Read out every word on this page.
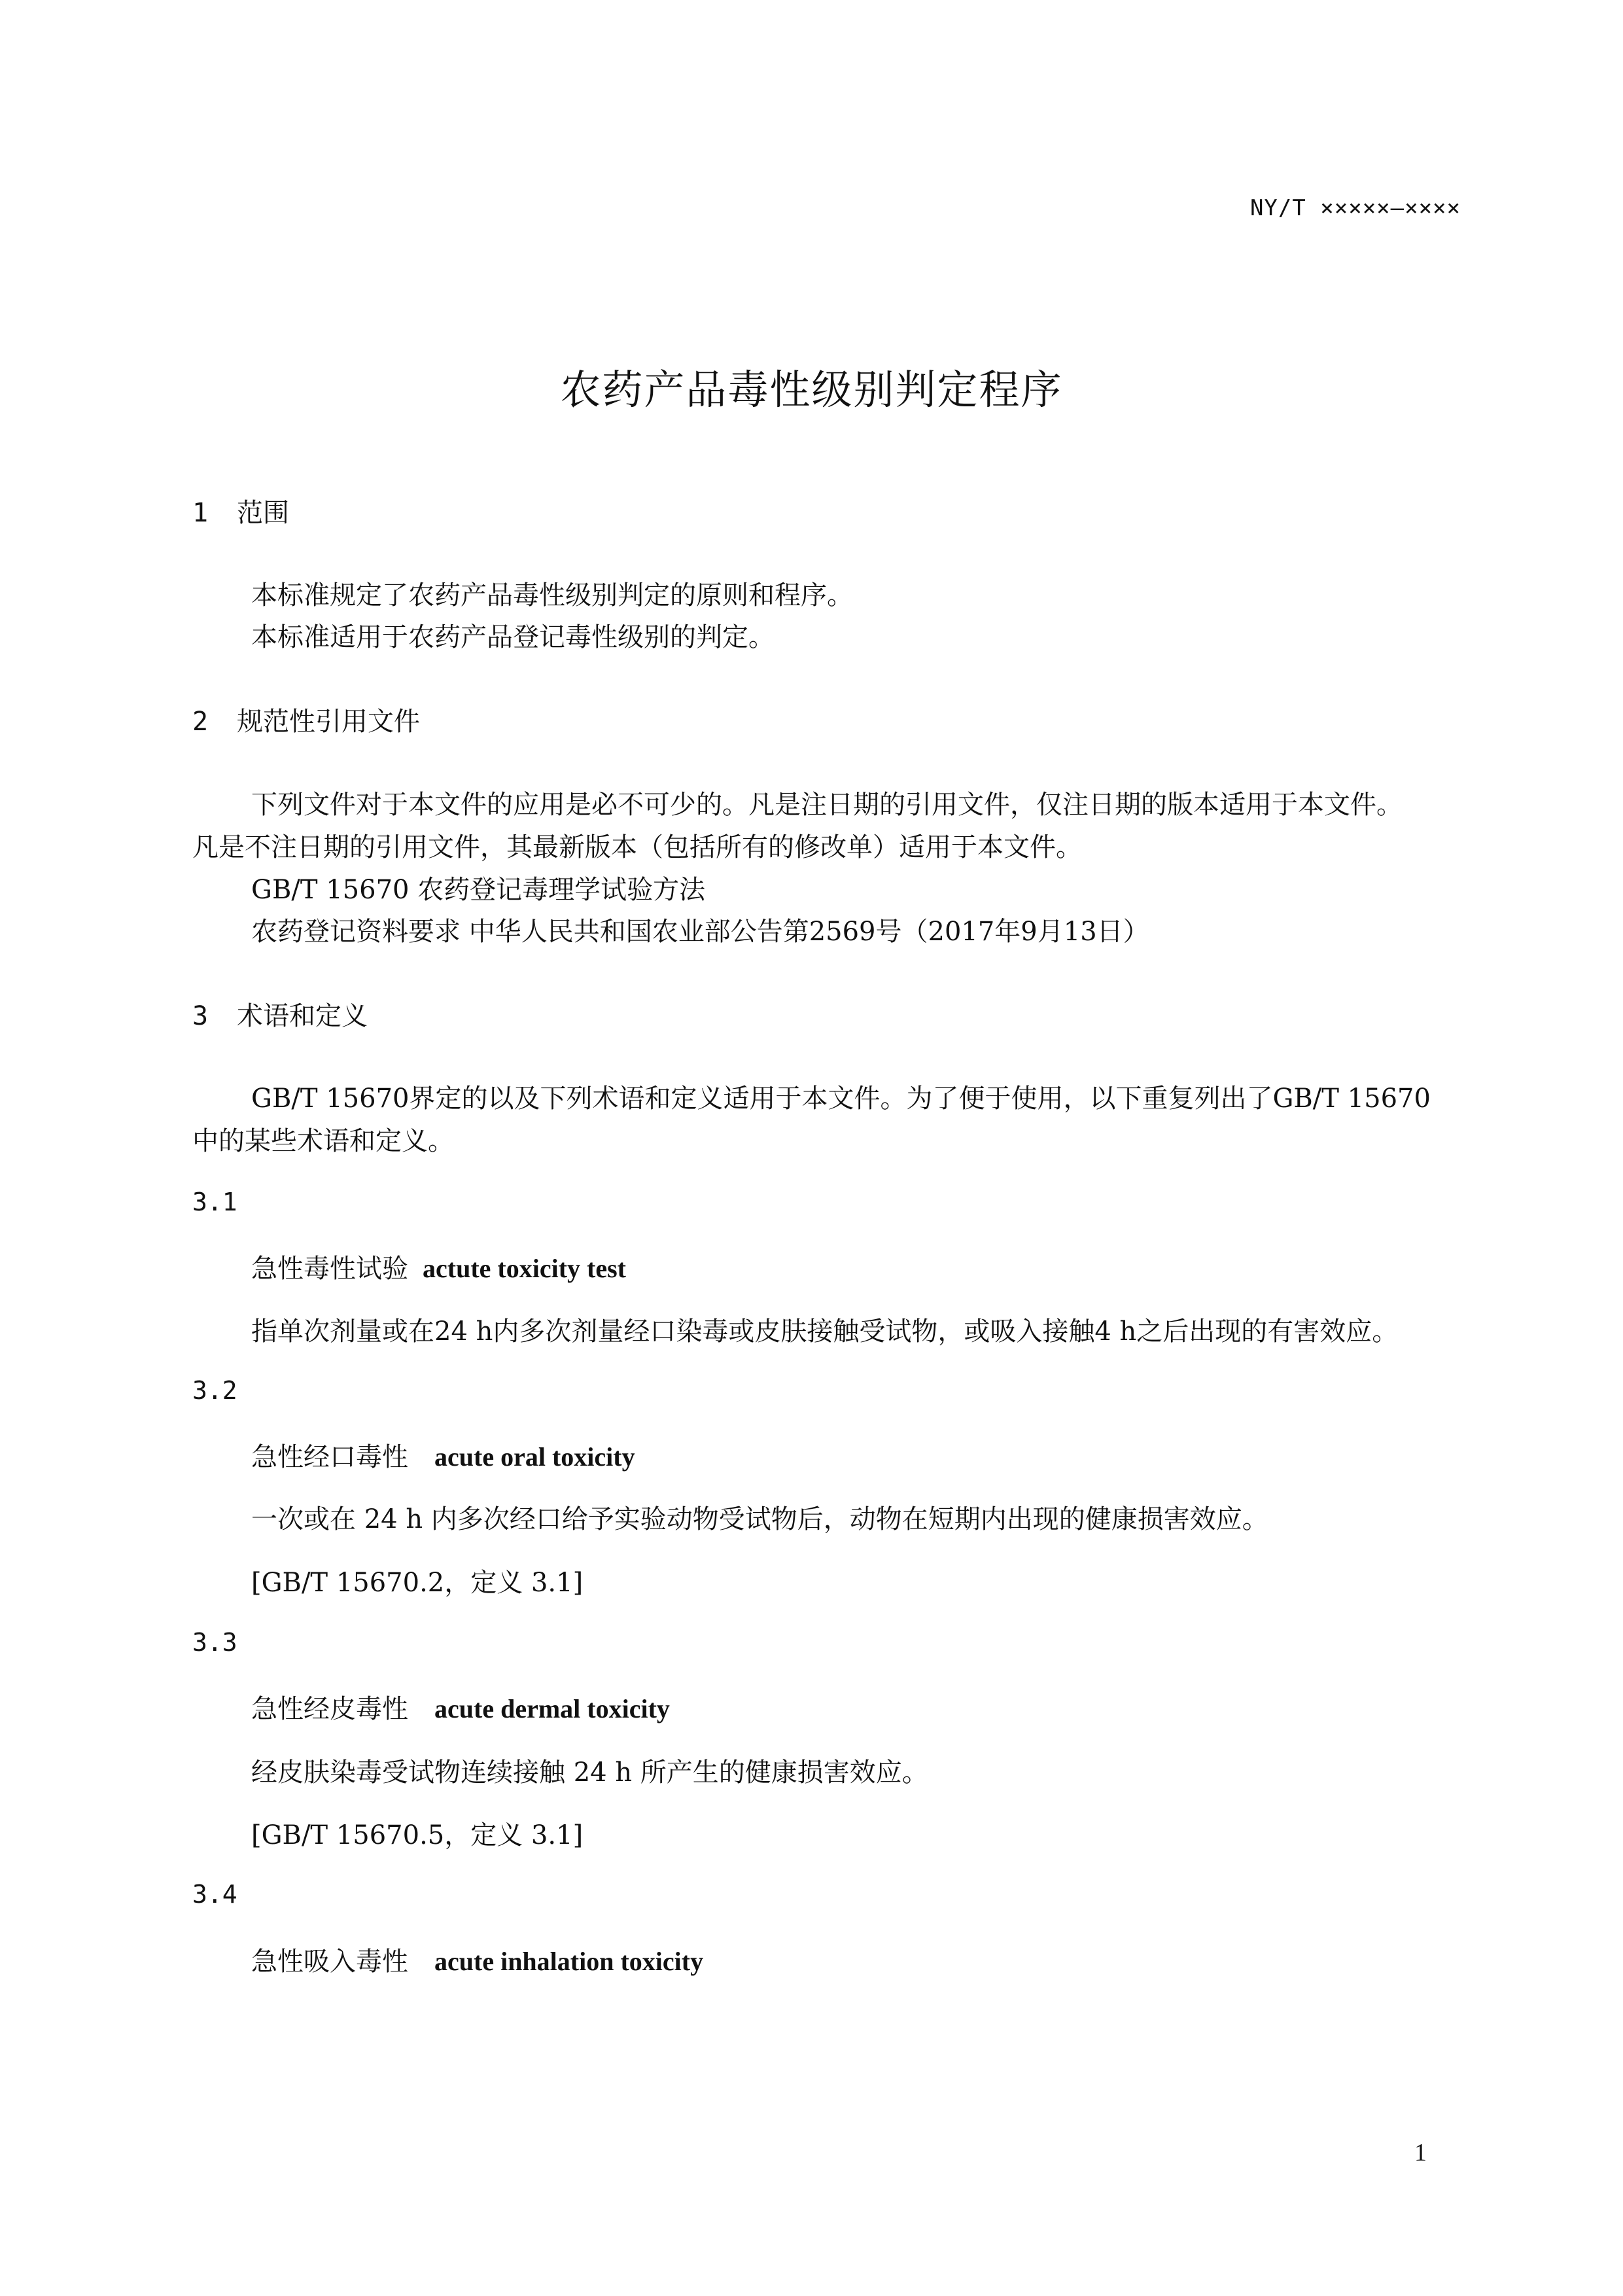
NY/T ×××××—××××
农药产品毒性级别判定程序
1 范围
本标准规定了农药产品毒性级别判定的原则和程序。
本标准适用于农药产品登记毒性级别的判定。
2 规范性引用文件
下列文件对于本文件的应用是必不可少的。凡是注日期的引用文件，仅注日期的版本适用于本文件。
凡是不注日期的引用文件，其最新版本（包括所有的修改单）适用于本文件。
GB/T 15670 农药登记毒理学试验方法
农药登记资料要求 中华人民共和国农业部公告第2569号（2017年9月13日）
3 术语和定义
GB/T 15670界定的以及下列术语和定义适用于本文件。为了便于使用，以下重复列出了GB/T 15670
中的某些术语和定义。
3.1
急性毒性试验 actute toxicity test
指单次剂量或在24 h内多次剂量经口染毒或皮肤接触受试物，或吸入接触4 h之后出现的有害效应。
3.2
急性经口毒性 acute oral toxicity
一次或在 24 h 内多次经口给予实验动物受试物后，动物在短期内出现的健康损害效应。
[GB/T 15670.2，定义 3.1]
3.3
急性经皮毒性 acute dermal toxicity
经皮肤染毒受试物连续接触 24 h 所产生的健康损害效应。
[GB/T 15670.5，定义 3.1]
3.4
急性吸入毒性 acute inhalation toxicity
1
